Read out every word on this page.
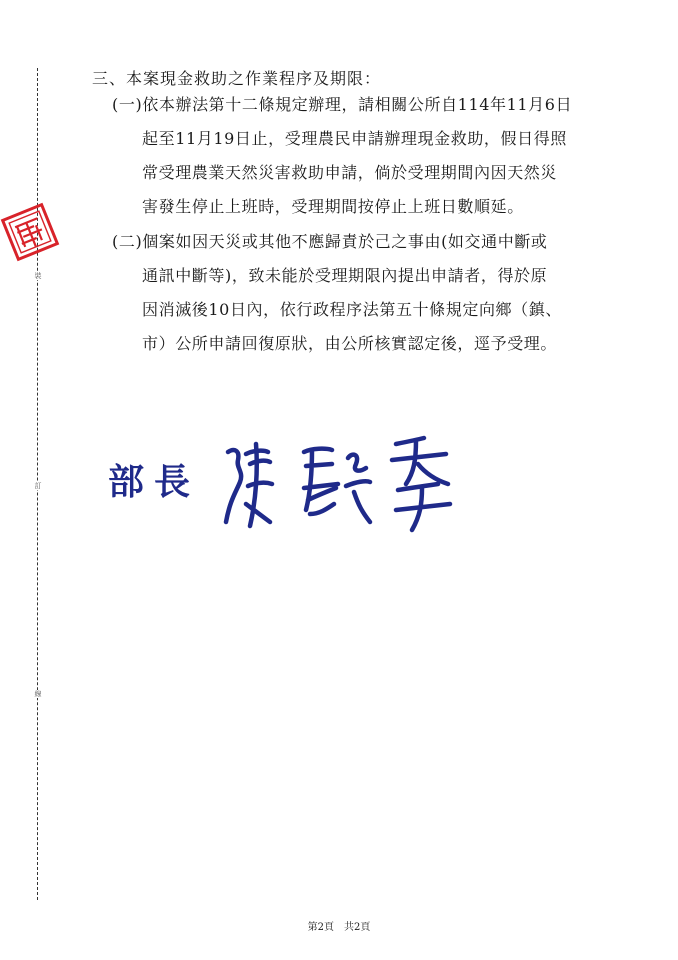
裝
訂
線
三、本案現金救助之作業程序及期限：
(一)依本辦法第十二條規定辦理，請相關公所自114年11月6日
起至11月19日止，受理農民申請辦理現金救助，假日得照
常受理農業天然災害救助申請，倘於受理期間內因天然災
害發生停止上班時，受理期間按停止上班日數順延。
(二)個案如因天災或其他不應歸責於己之事由(如交通中斷或
通訊中斷等)，致未能於受理期限內提出申請者，得於原
因消滅後10日內，依行政程序法第五十條規定向鄉（鎮、
市）公所申請回復原狀，由公所核實認定後，逕予受理。
部長
第2頁　共2頁
